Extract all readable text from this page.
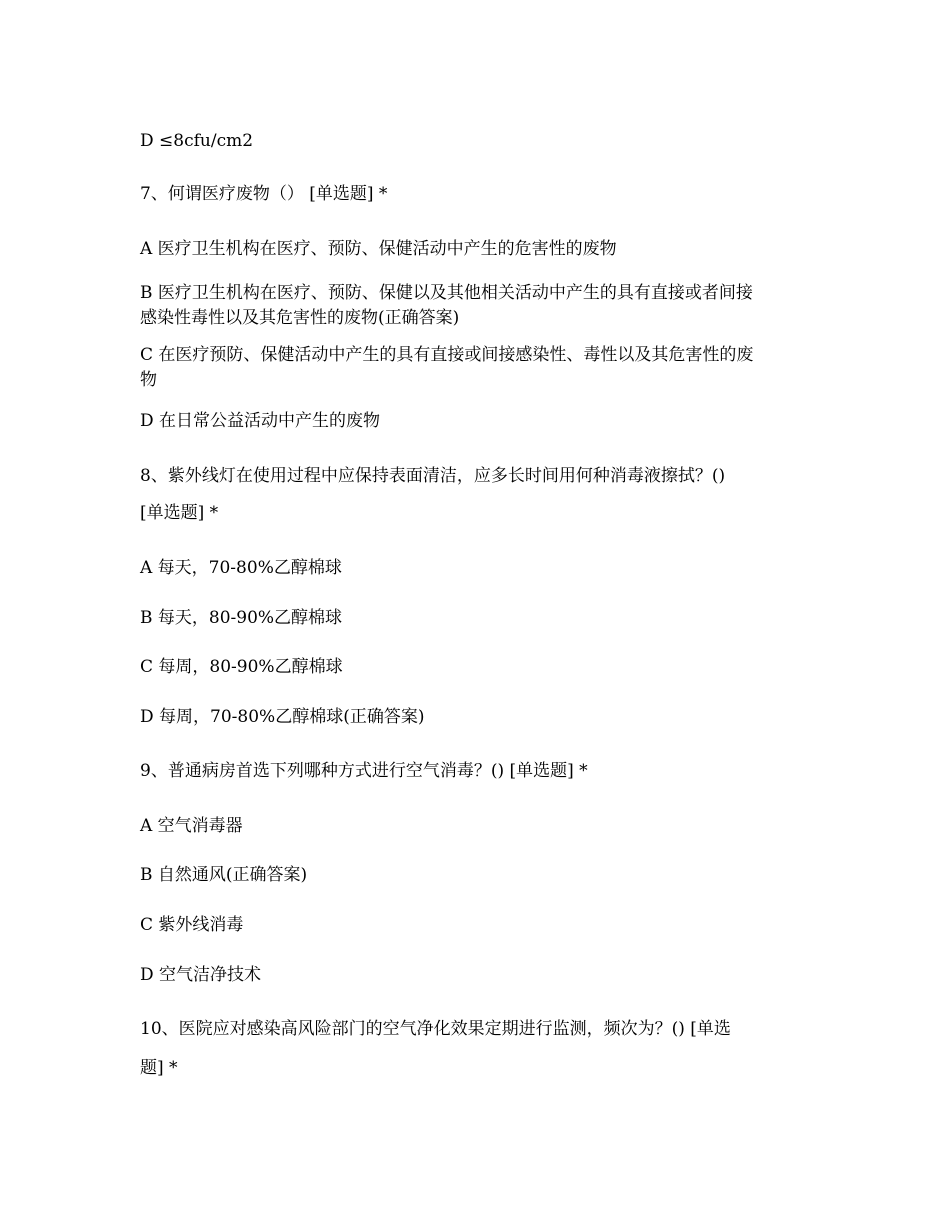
D ≤8cfu/cm2
7、何谓医疗废物（） [单选题] *
A 医疗卫生机构在医疗、预防、保健活动中产生的危害性的废物
B 医疗卫生机构在医疗、预防、保健以及其他相关活动中产生的具有直接或者间接
感染性毒性以及其危害性的废物(正确答案)
C 在医疗预防、保健活动中产生的具有直接或间接感染性、毒性以及其危害性的废
物
D 在日常公益活动中产生的废物
8、紫外线灯在使用过程中应保持表面清洁，应多长时间用何种消毒液擦拭？()
[单选题] *
A 每天，70-80%乙醇棉球
B 每天，80-90%乙醇棉球
C 每周，80-90%乙醇棉球
D 每周，70-80%乙醇棉球(正确答案)
9、普通病房首选下列哪种方式进行空气消毒？() [单选题] *
A 空气消毒器
B 自然通风(正确答案)
C 紫外线消毒
D 空气洁净技术
10、医院应对感染高风险部门的空气净化效果定期进行监测，频次为？() [单选
题] *
